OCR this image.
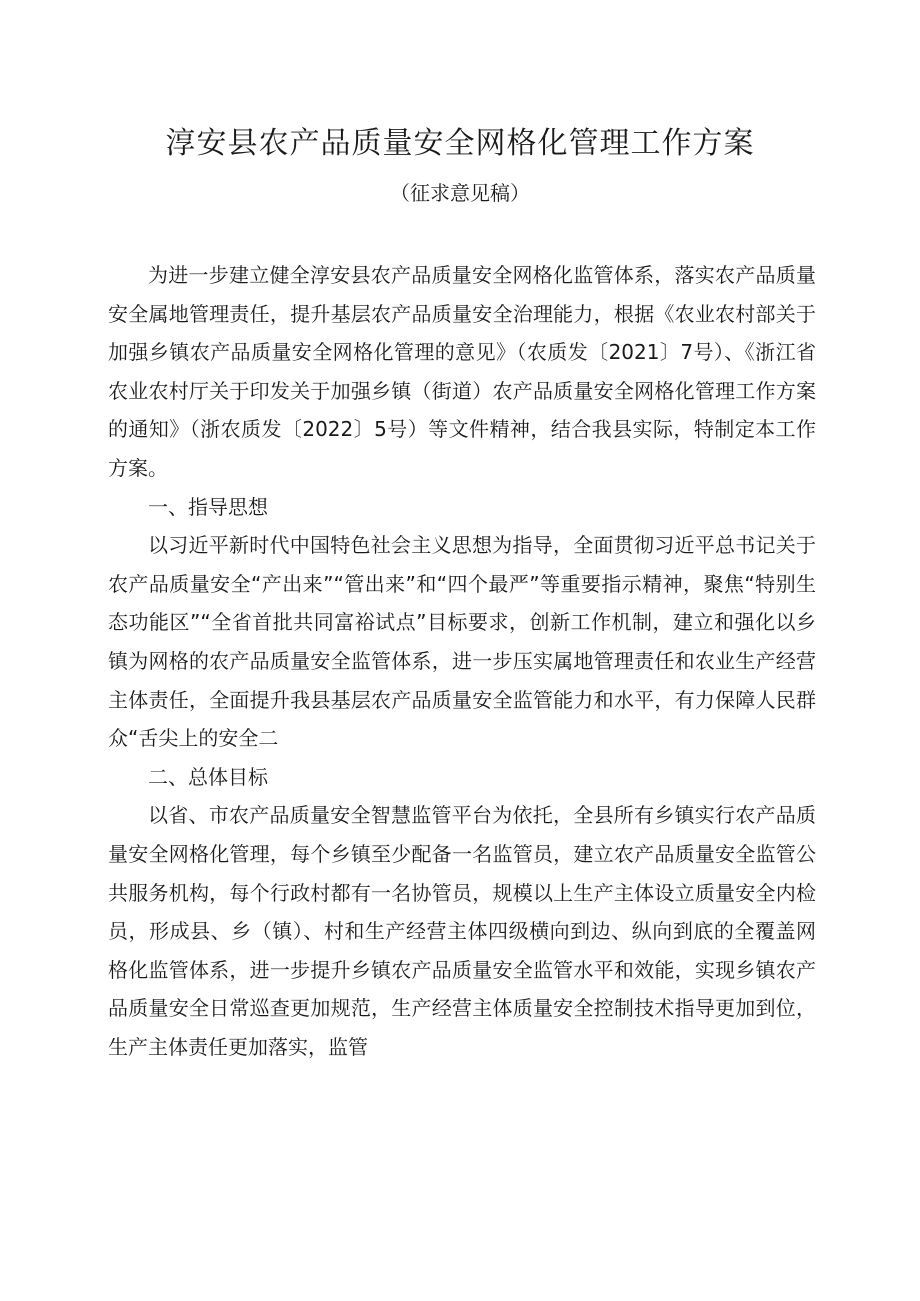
淳安县农产品质量安全网格化管理工作方案

（征求意见稿）

为进一步建立健全淳安县农产品质量安全网格化监管体系，落实农产品质量安全属地管理责任，提升基层农产品质量安全治理能力，根据《农业农村部关于加强乡镇农产品质量安全网格化管理的意见》（农质发〔2021〕7号）、《浙江省农业农村厅关于印发关于加强乡镇（街道）农产品质量安全网格化管理工作方案的通知》（浙农质发〔2022〕5号）等文件精神，结合我县实际，特制定本工作方案。

一、指导思想

以习近平新时代中国特色社会主义思想为指导，全面贯彻习近平总书记关于农产品质量安全“产出来”“管出来”和“四个最严”等重要指示精神，聚焦“特别生态功能区”“全省首批共同富裕试点”目标要求，创新工作机制，建立和强化以乡镇为网格的农产品质量安全监管体系，进一步压实属地管理责任和农业生产经营主体责任，全面提升我县基层农产品质量安全监管能力和水平，有力保障人民群众“舌尖上的安全二

二、总体目标

以省、市农产品质量安全智慧监管平台为依托，全县所有乡镇实行农产品质量安全网格化管理，每个乡镇至少配备一名监管员，建立农产品质量安全监管公共服务机构，每个行政村都有一名协管员，规模以上生产主体设立质量安全内检员，形成县、乡（镇）、村和生产经营主体四级横向到边、纵向到底的全覆盖网格化监管体系，进一步提升乡镇农产品质量安全监管水平和效能，实现乡镇农产品质量安全日常巡查更加规范，生产经营主体质量安全控制技术指导更加到位，生产主体责任更加落实，监管
